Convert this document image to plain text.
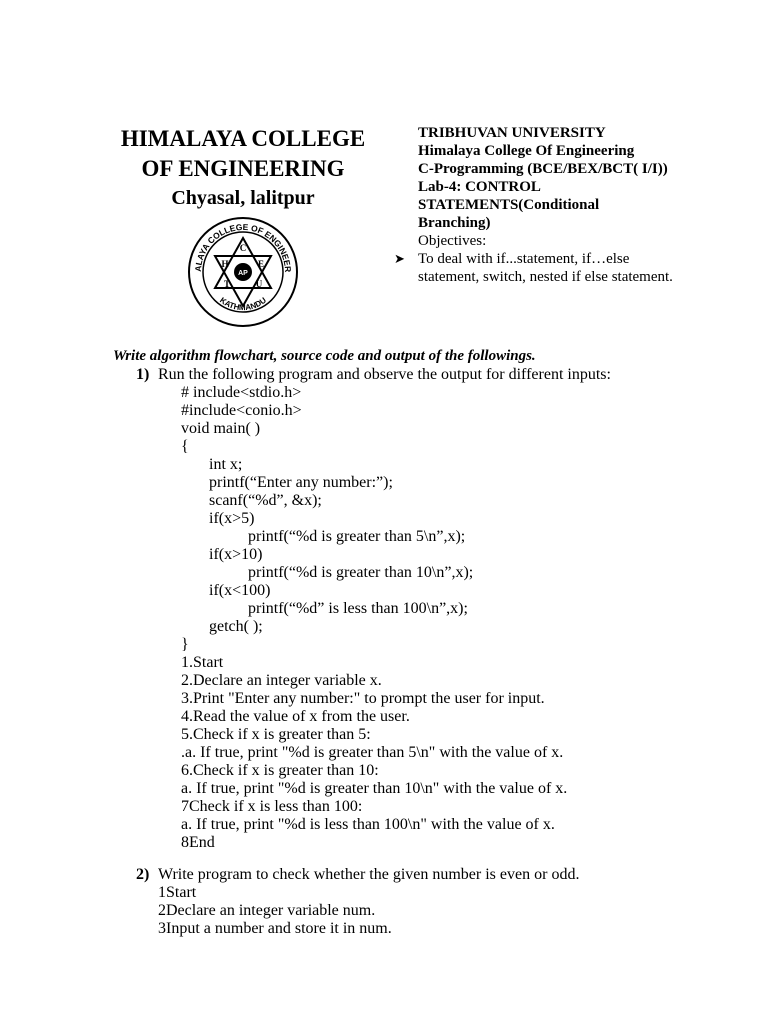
HIMALAYA COLLEGE
OF ENGINEERING
Chyasal, lalitpur
ALAYA COLLEGE OF ENGINEER
KATHMANDU
C
H	E
T	U
AP
TRIBHUVAN UNIVERSITY
Himalaya College Of Engineering
C-Programming (BCE/BEX/BCT( I/I))
Lab-4: CONTROL
STATEMENTS(Conditional
Branching)
Objectives:
➤ To deal with if...statement, if…else
statement, switch, nested if else statement.
Write algorithm flowchart, source code and output of the followings.
1) Run the following program and observe the output for different inputs:
# include<stdio.h>
#include<conio.h>
void main( )
{
int x;
printf(“Enter any number:”);
scanf(“%d”, &x);
if(x>5)
printf(“%d is greater than 5\n”,x);
if(x>10)
printf(“%d is greater than 10\n”,x);
if(x<100)
printf(“%d” is less than 100\n”,x);
getch( );
}
1.Start
2.Declare an integer variable x.
3.Print "Enter any number:" to prompt the user for input.
4.Read the value of x from the user.
5.Check if x is greater than 5:
.a. If true, print "%d is greater than 5\n" with the value of x.
6.Check if x is greater than 10:
a. If true, print "%d is greater than 10\n" with the value of x.
7Check if x is less than 100:
a. If true, print "%d is less than 100\n" with the value of x.
8End
2) Write program to check whether the given number is even or odd.
1Start
2Declare an integer variable num.
3Input a number and store it in num.
